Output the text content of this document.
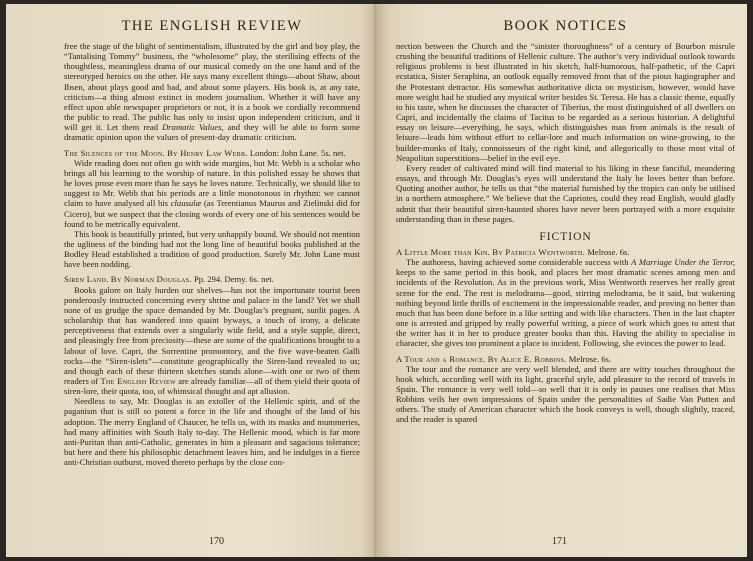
THE ENGLISH REVIEW

free the stage of the blight of sentimentalism, illustrated by the girl and boy play, the “Tantalising Tommy” business, the “wholesome” play, the sterilising effects of the thoughtless, meaningless drama of our musical comedy on the one hand and of the stereotyped heroics on the other. He says many excellent things—about Shaw, about Ibsen, about plays good and bad, and about some players. His book is, at any rate, criticism—a thing almost extinct in modern journalism. Whether it will have any effect upon able newspaper proprietors or not, it is a book we cordially recommend the public to read. The public has only to insist upon independent criticism, and it will get it. Let them read Dramatic Values, and they will be able to form some dramatic opinion upon the values of present-day dramatic criticism.

The Silences of the Moon. By Henry Law Webb. London: John Lane. 5s. net.

Wide reading does not often go with wide margins, but Mr. Webb is a scholar who brings all his learning to the worship of nature. In this polished essay he shows that he loves prose even more than he says he loves nature. Technically, we should like to suggest to Mr. Webb that his periods are a little monotonous in rhythm: we cannot claim to have analysed all his clausulæ (as Terentianus Maurus and Zielinski did for Cicero), but we suspect that the closing words of every one of his sentences would be found to be metrically equivalent.

This book is beautifully printed, but very unhappily bound. We should not mention the ugliness of the binding had not the long line of beautiful books published at the Bodley Head established a tradition of good production. Surely Mr. John Lane must have been nodding.

Siren Land. By Norman Douglas. Pp. 294. Demy. 6s. net.

Books galore on Italy burden our shelves—has not the importunate tourist been ponderously instructed concerning every shrine and palace in the land? Yet we shall none of us grudge the space demanded by Mr. Douglas’s pregnant, sunlit pages. A scholarship that has wandered into quaint byways, a touch of irony, a delicate perceptiveness that extends over a singularly wide field, and a style supple, direct, and pleasingly free from preciosity—these are some of the qualifications brought to a labour of love. Capri, the Sorrentine promontory, and the five wave-beaten Galli rocks—the “Siren-islets”—constitute geographically the Siren-land revealed to us; and though each of these thirteen sketches stands alone—with one or two of them readers of The English Review are already familiar—all of them yield their quota of siren-lore, their quota, too, of whimsical thought and apt allusion.

Needless to say, Mr. Douglas is an extoller of the Hellenic spirit, and of the paganism that is still so potent a force in the life and thought of the land of his adoption. The merry England of Chaucer, he tells us, with its masks and mummeries, had many affinities with South Italy to-day. The Hellenic mood, which is far more anti-Puritan than anti-Catholic, generates in him a pleasant and sagacious tolerance; but here and there his philosophic detachment leaves him, and he indulges in a fierce anti-Christian outburst, moved thereto perhaps by the close con-

170
BOOK NOTICES

nection between the Church and the “sinister thoroughness” of a century of Bourbon misrule crushing the beautiful traditions of Hellenic culture. The author’s very individual outlook towards religious problems is best illustrated in his sketch, half-humorous, half-pathetic, of the Capri ecstatica, Sister Seraphina, an outlook equally removed from that of the pious hagiographer and the Protestant detractor. His somewhat authoritative dicta on mysticism, however, would have more weight had he studied any mystical writer besides St. Teresa. He has a classic theme, equally to his taste, when he discusses the character of Tiberius, the most distinguished of all dwellers on Capri, and incidentally the claims of Tacitus to be regarded as a serious historian. A delightful essay on leisure—everything, he says, which distinguishes man from animals is the result of leisure—leads him without effort to cellar-lore and much information on wine-growing, to the builder-monks of Italy, connoisseurs of the right kind, and allegorically to those most vital of Neapolitan superstitions—belief in the evil eye.

Every reader of cultivated mind will find material to his liking in these fanciful, meandering essays, and through Mr. Douglas’s eyes will understand the Italy he loves better than before. Quoting another author, he tells us that “the material furnished by the tropics can only be utilised in a northern atmosphere.” We believe that the Capriotes, could they read English, would gladly admit that their beautiful siren-haunted shores have never been portrayed with a more exquisite understanding than in these pages.

FICTION

A Little More than Kin. By Patricia Wentworth. Melrose. 6s.

The authoress, having achieved some considerable success with A Marriage Under the Terror, keeps to the same period in this book, and places her most dramatic scenes among men and incidents of the Revolution. As in the previous work, Miss Wentworth reserves her really great scene for the end. The rest is melodrama—good, stirring melodrama, be it said, but wakening nothing beyond little thrills of excitement in the impressionable reader, and proving no better than much that has been done before in a like setting and with like characters. Then in the last chapter one is arrested and gripped by really powerful writing, a piece of work which goes to attest that the writer has it in her to produce greater books than this. Having the ability to specialise in character, she gives too prominent a place to incident. Following, she evinces the power to lead.

A Tour and a Romance. By Alice E. Robbins. Melrose. 6s.

The tour and the romance are very well blended, and there are witty touches throughout the book which, according well with its light, graceful style, add pleasure to the record of travels in Spain. The romance is very well told—so well that it is only in pauses one realises that Miss Robbins veils her own impressions of Spain under the personalities of Sadie Van Putten and others. The study of American character which the book conveys is well, though slightly, traced, and the reader is spared

171
